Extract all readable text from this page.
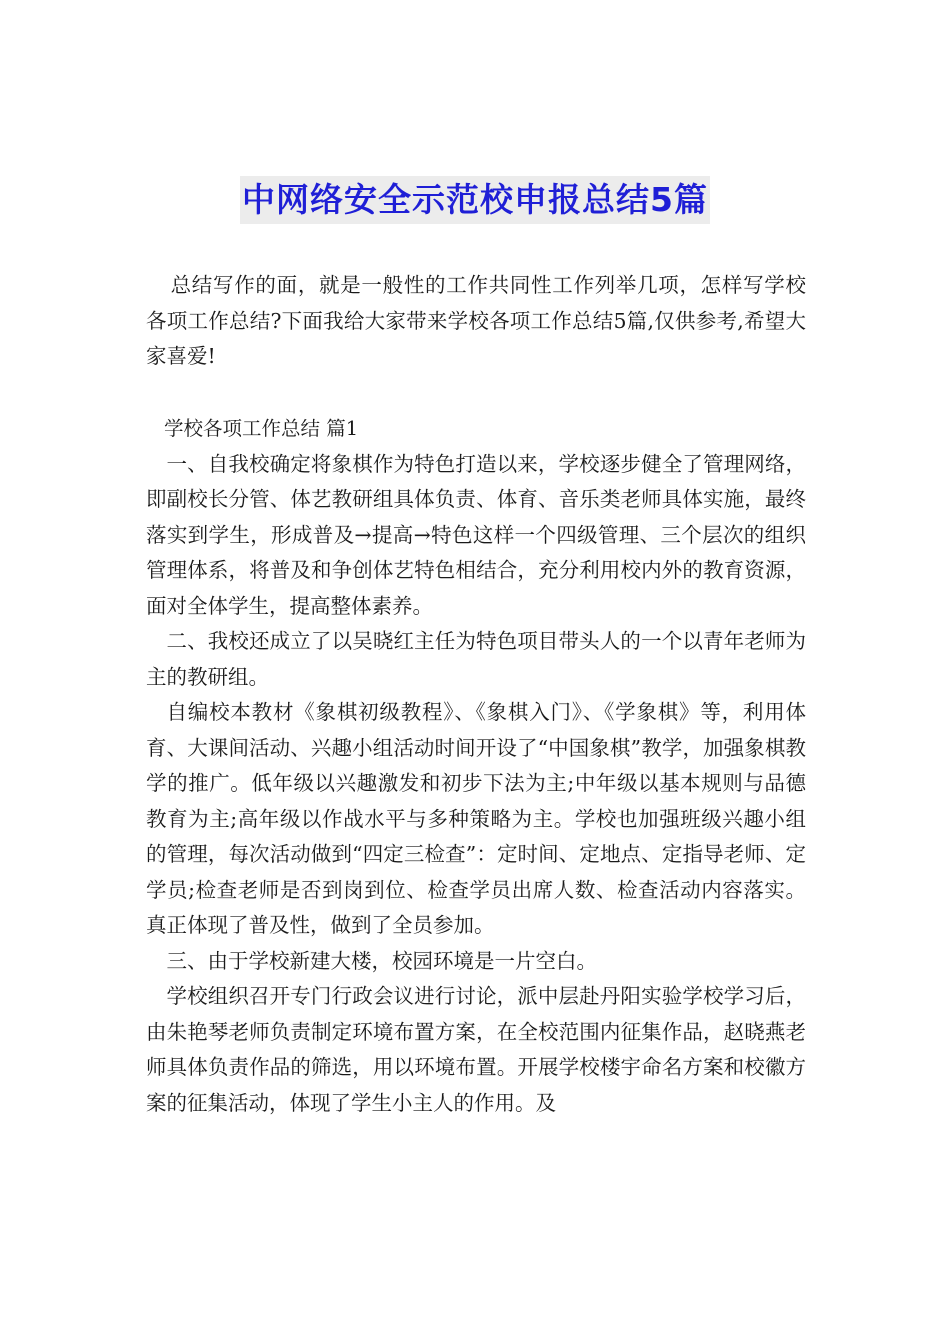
中网络安全示范校申报总结5篇

总结写作的面，就是一般性的工作共同性工作列举几项，怎样写学校各项工作总结?下面我给大家带来学校各项工作总结5篇,仅供参考,希望大家喜爱!

学校各项工作总结 篇1

一、自我校确定将象棋作为特色打造以来，学校逐步健全了管理网络，即副校长分管、体艺教研组具体负责、体育、音乐类老师具体实施，最终落实到学生，形成普及→提高→特色这样一个四级管理、三个层次的组织管理体系，将普及和争创体艺特色相结合，充分利用校内外的教育资源，面对全体学生，提高整体素养。

二、我校还成立了以吴晓红主任为特色项目带头人的一个以青年老师为主的教研组。

自编校本教材《象棋初级教程》、《象棋入门》、《学象棋》等，利用体育、大课间活动、兴趣小组活动时间开设了“中国象棋”教学，加强象棋教学的推广。低年级以兴趣激发和初步下法为主;中年级以基本规则与品德教育为主;高年级以作战水平与多种策略为主。学校也加强班级兴趣小组的管理，每次活动做到“四定三检查”：定时间、定地点、定指导老师、定学员;检查老师是否到岗到位、检查学员出席人数、检查活动内容落实。真正体现了普及性，做到了全员参加。

三、由于学校新建大楼，校园环境是一片空白。

学校组织召开专门行政会议进行讨论，派中层赴丹阳实验学校学习后，由朱艳琴老师负责制定环境布置方案，在全校范围内征集作品，赵晓燕老师具体负责作品的筛选，用以环境布置。开展学校楼宇命名方案和校徽方案的征集活动，体现了学生小主人的作用。及
